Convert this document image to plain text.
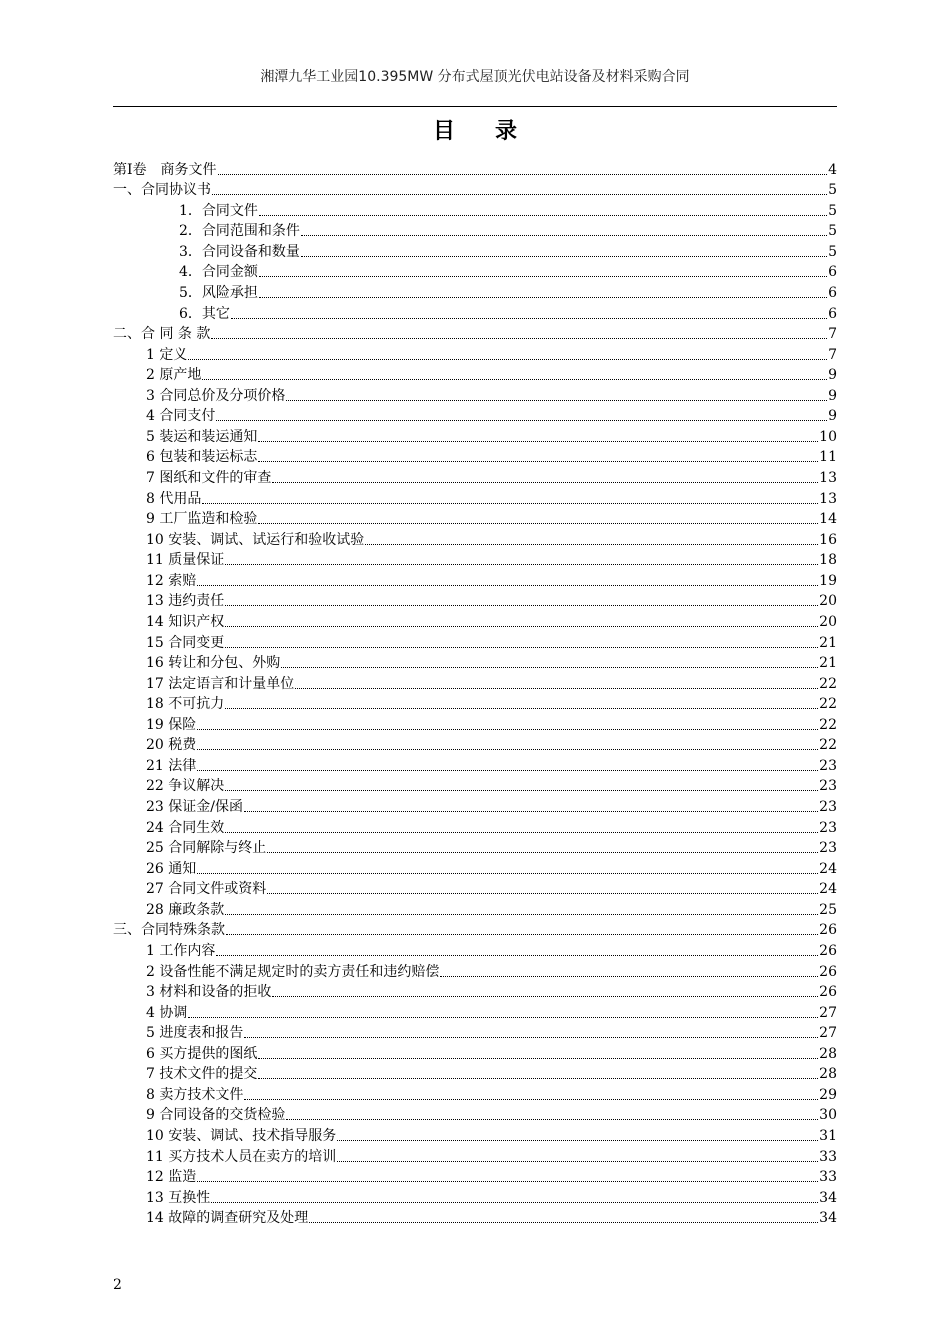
湘潭九华工业园10.395MW 分布式屋顶光伏电站设备及材料采购合同
目录
第Ⅰ卷　商务文件	4
一、合同协议书	5
1．合同文件	5
2．合同范围和条件	5
3．合同设备和数量	5
4．合同金额	6
5．风险承担	6
6．其它	6
二、合 同 条 款	7
1 定义	7
2 原产地	9
3 合同总价及分项价格	9
4 合同支付	9
5 装运和装运通知	10
6 包装和装运标志	11
7 图纸和文件的审查	13
8 代用品	13
9 工厂监造和检验	14
10 安装、调试、试运行和验收试验	16
11 质量保证	18
12 索赔	19
13 违约责任	20
14 知识产权	20
15 合同变更	21
16 转让和分包、外购	21
17 法定语言和计量单位	22
18 不可抗力	22
19 保险	22
20 税费	22
21 法律	23
22 争议解决	23
23 保证金/保函	23
24 合同生效	23
25 合同解除与终止	23
26 通知	24
27 合同文件或资料	24
28 廉政条款	25
三、合同特殊条款	26
1 工作内容	26
2 设备性能不满足规定时的卖方责任和违约赔偿	26
3 材料和设备的拒收	26
4 协调	27
5 进度表和报告	27
6 买方提供的图纸	28
7 技术文件的提交	28
8 卖方技术文件	29
9 合同设备的交货检验	30
10 安装、调试、技术指导服务	31
11 买方技术人员在卖方的培训	33
12 监造	33
13 互换性	34
14 故障的调查研究及处理	34
2
